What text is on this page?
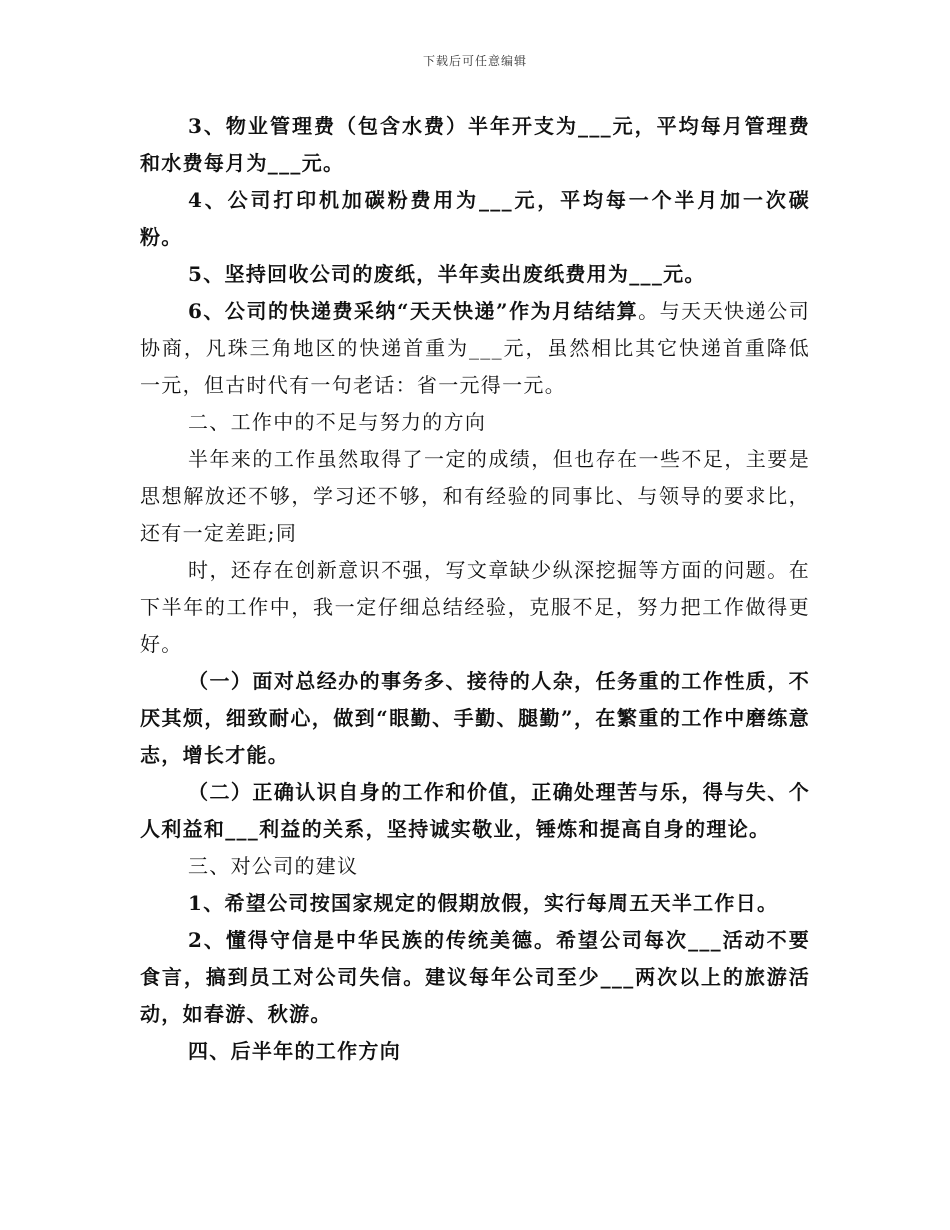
下载后可任意编辑

3、物业管理费（包含水费）半年开支为___元，平均每月管理费和水费每月为___元。

4、公司打印机加碳粉费用为___元，平均每一个半月加一次碳粉。

5、坚持回收公司的废纸，半年卖出废纸费用为___元。

6、公司的快递费采纳“天天快递”作为月结结算。与天天快递公司协商，凡珠三角地区的快递首重为___元，虽然相比其它快递首重降低一元，但古时代有一句老话：省一元得一元。

二、工作中的不足与努力的方向

半年来的工作虽然取得了一定的成绩，但也存在一些不足，主要是思想解放还不够，学习还不够，和有经验的同事比、与领导的要求比，还有一定差距;同

时，还存在创新意识不强，写文章缺少纵深挖掘等方面的问题。在下半年的工作中，我一定仔细总结经验，克服不足，努力把工作做得更好。

（一）面对总经办的事务多、接待的人杂，任务重的工作性质，不厌其烦，细致耐心，做到“眼勤、手勤、腿勤”，在繁重的工作中磨练意志，增长才能。

（二）正确认识自身的工作和价值，正确处理苦与乐，得与失、个人利益和___利益的关系，坚持诚实敬业，锤炼和提高自身的理论。

三、对公司的建议

1、希望公司按国家规定的假期放假，实行每周五天半工作日。

2、懂得守信是中华民族的传统美德。希望公司每次___活动不要食言，搞到员工对公司失信。建议每年公司至少___两次以上的旅游活动，如春游、秋游。

四、后半年的工作方向
